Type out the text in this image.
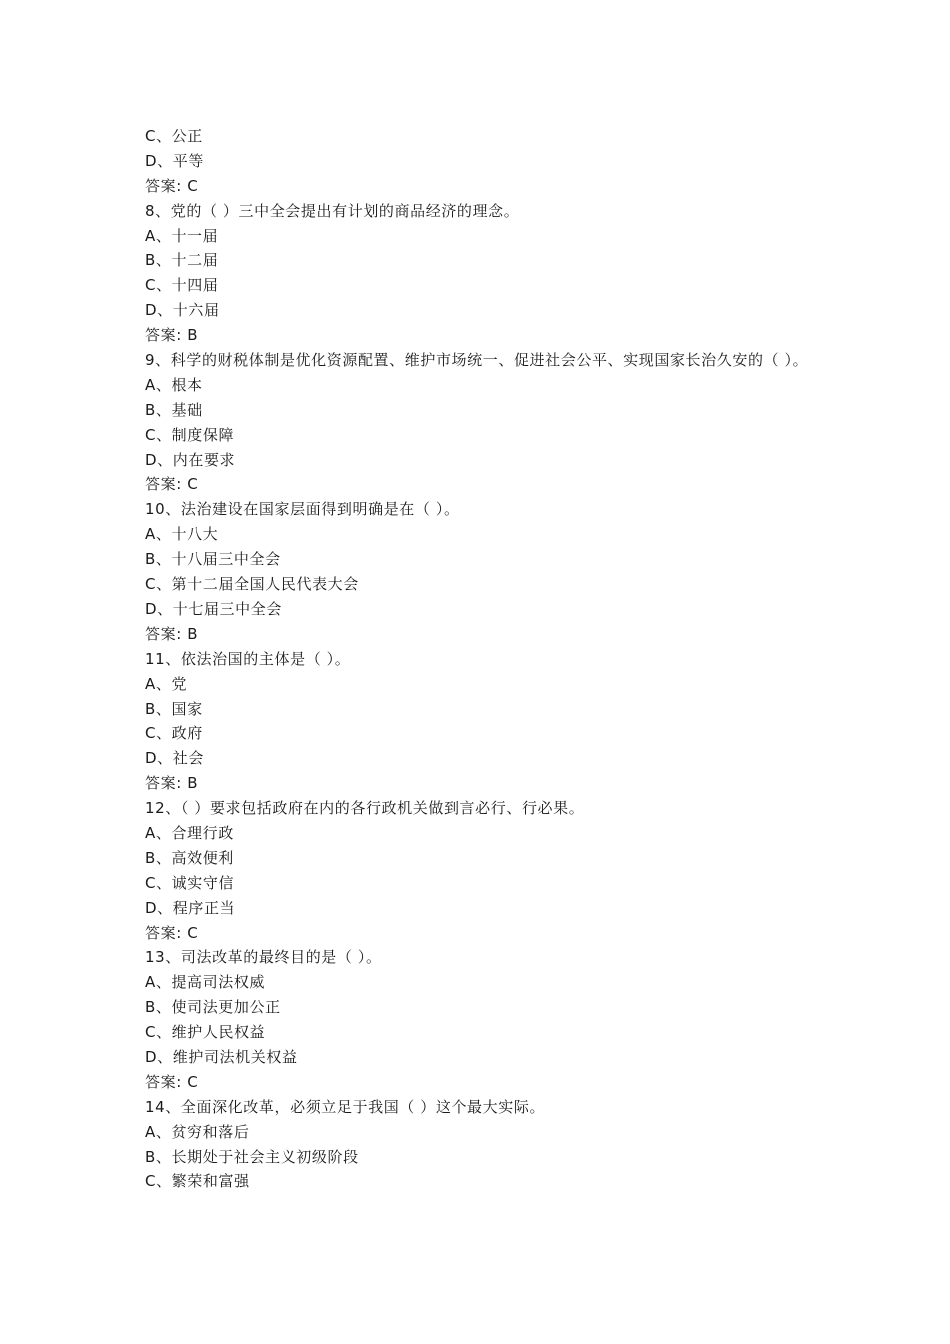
C、公正
D、平等
答案: C
8、党的（ ）三中全会提出有计划的商品经济的理念。
A、十一届
B、十二届
C、十四届
D、十六届
答案: B
9、科学的财税体制是优化资源配置、维护市场统一、促进社会公平、实现国家长治久安的（ ）。
A、根本
B、基础
C、制度保障
D、内在要求
答案: C
10、法治建设在国家层面得到明确是在（ ）。
A、十八大
B、十八届三中全会
C、第十二届全国人民代表大会
D、十七届三中全会
答案: B
11、依法治国的主体是（ ）。
A、党
B、国家
C、政府
D、社会
答案: B
12、（ ）要求包括政府在内的各行政机关做到言必行、行必果。
A、合理行政
B、高效便利
C、诚实守信
D、程序正当
答案: C
13、司法改革的最终目的是（ ）。
A、提高司法权威
B、使司法更加公正
C、维护人民权益
D、维护司法机关权益
答案: C
14、全面深化改革，必须立足于我国（ ）这个最大实际。
A、贫穷和落后
B、长期处于社会主义初级阶段
C、繁荣和富强
